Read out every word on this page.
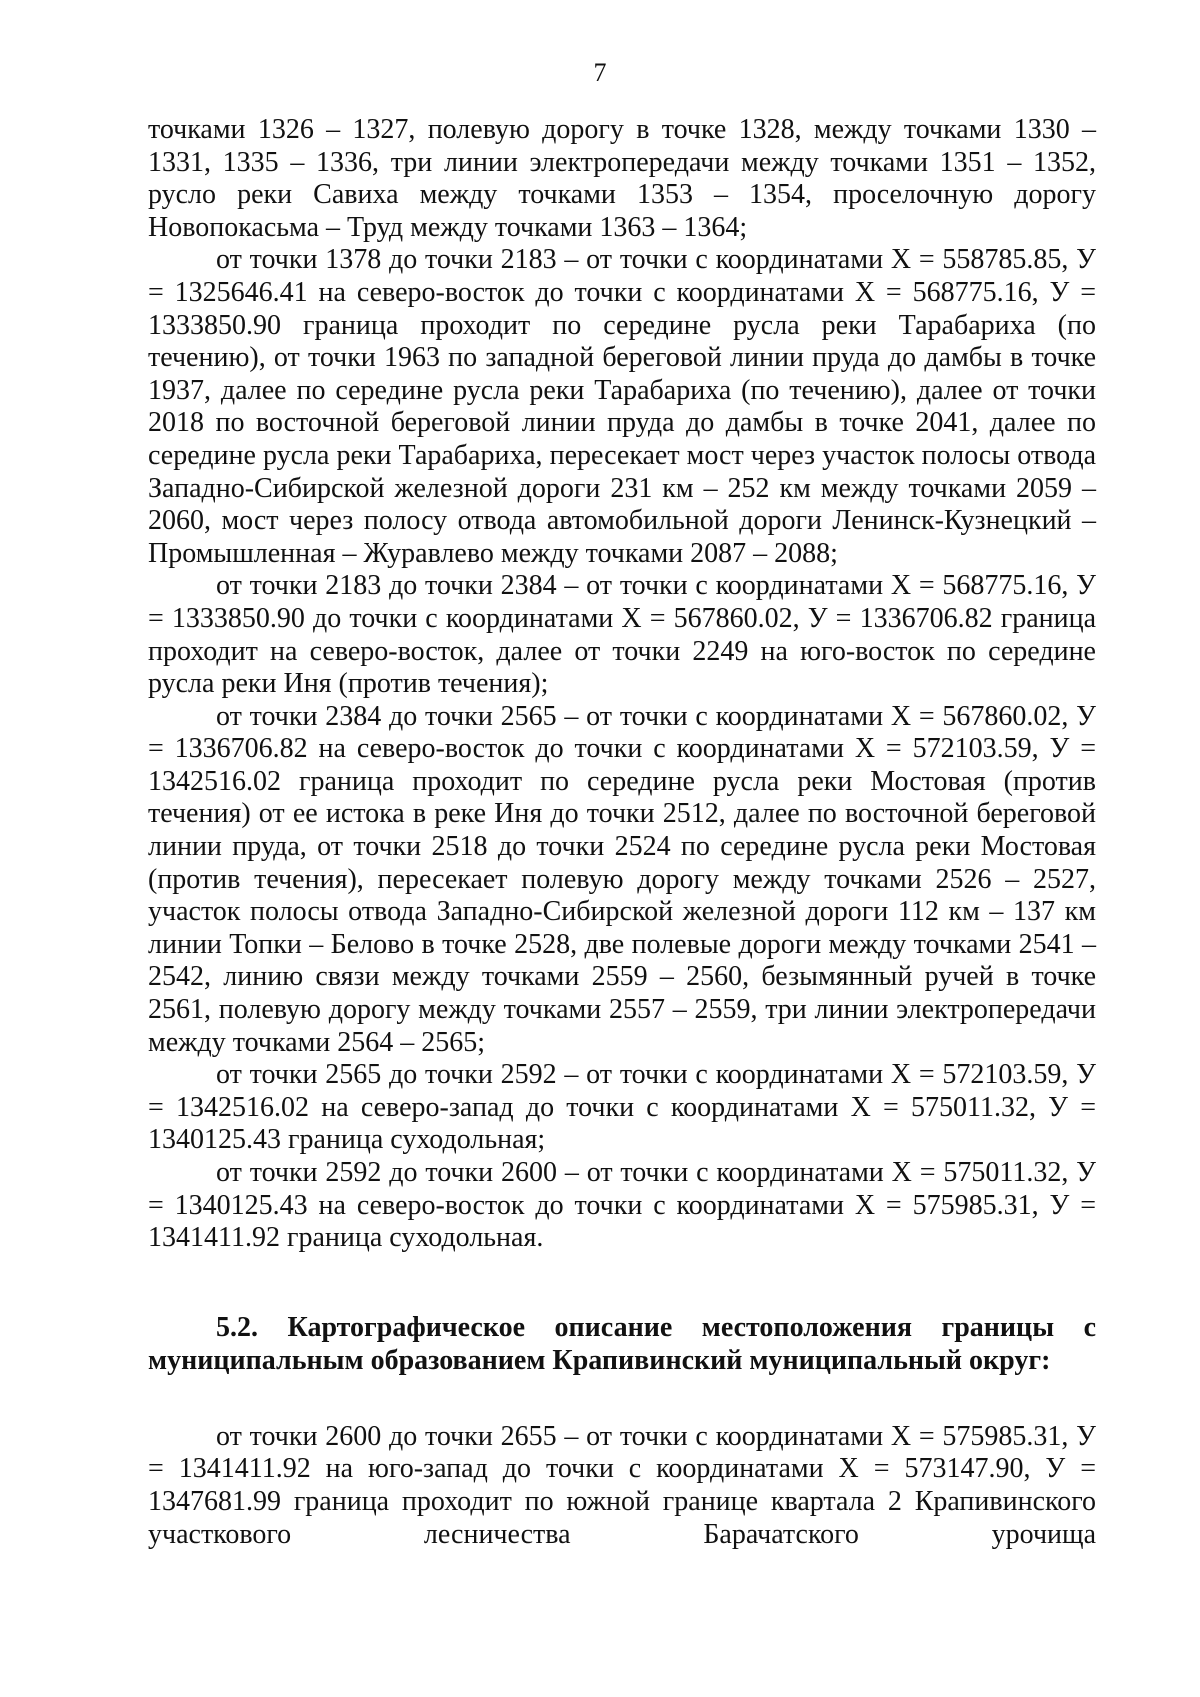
7

точками 1326 – 1327, полевую дорогу в точке 1328, между точками 1330 – 1331, 1335 – 1336, три линии электропередачи между точками 1351 – 1352, русло реки Савиха между точками 1353 – 1354, проселочную дорогу Новопокасьма – Труд между точками 1363 – 1364;

от точки 1378 до точки 2183 – от точки с координатами X = 558785.85, У = 1325646.41 на северо-восток до точки с координатами X = 568775.16, У = 1333850.90 граница проходит по середине русла реки Тарабариха (по течению), от точки 1963 по западной береговой линии пруда до дамбы в точке 1937, далее по середине русла реки Тарабариха (по течению), далее от точки 2018 по восточной береговой линии пруда до дамбы в точке 2041, далее по середине русла реки Тарабариха, пересекает мост через участок полосы отвода Западно-Сибирской железной дороги 231 км – 252 км между точками 2059 – 2060, мост через полосу отвода автомобильной дороги Ленинск-Кузнецкий – Промышленная – Журавлево между точками 2087 – 2088;

от точки 2183 до точки 2384 – от точки с координатами X = 568775.16, У = 1333850.90 до точки с координатами X = 567860.02, У = 1336706.82 граница проходит на северо-восток, далее от точки 2249 на юго-восток по середине русла реки Иня (против течения);

от точки 2384 до точки 2565 – от точки с координатами X = 567860.02, У = 1336706.82 на северо-восток до точки с координатами X = 572103.59, У = 1342516.02 граница проходит по середине русла реки Мостовая (против течения) от ее истока в реке Иня до точки 2512, далее по восточной береговой линии пруда, от точки 2518 до точки 2524 по середине русла реки Мостовая (против течения), пересекает полевую дорогу между точками 2526 – 2527, участок полосы отвода Западно-Сибирской железной дороги 112 км – 137 км линии Топки – Белово в точке 2528, две полевые дороги между точками 2541 – 2542, линию связи между точками 2559 – 2560, безымянный ручей в точке 2561, полевую дорогу между точками 2557 – 2559, три линии электропередачи между точками 2564 – 2565;

от точки 2565 до точки 2592 – от точки с координатами X = 572103.59, У = 1342516.02 на северо-запад до точки с координатами X = 575011.32, У = 1340125.43 граница суходольная;

от точки 2592 до точки 2600 – от точки с координатами X = 575011.32, У = 1340125.43 на северо-восток до точки с координатами X = 575985.31, У = 1341411.92 граница суходольная.

5.2. Картографическое описание местоположения границы с муниципальным образованием Крапивинский муниципальный округ:

от точки 2600 до точки 2655 – от точки с координатами X = 575985.31, У = 1341411.92 на юго-запад до точки с координатами X = 573147.90, У = 1347681.99 граница проходит по южной границе квартала 2 Крапивинского участкового лесничества Барачатского урочища
